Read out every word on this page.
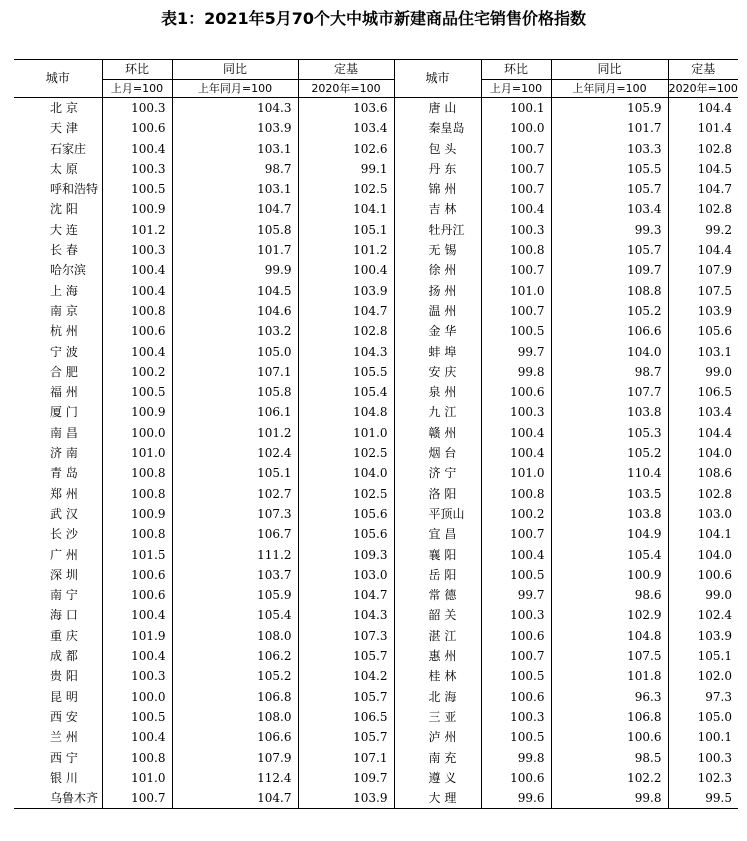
表1：2021年5月70个大中城市新建商品住宅销售价格指数
城市	环比	同比	定基	城市	环比	同比	定基
	上月=100	上年同月=100	2020年=100		上月=100	上年同月=100	2020年=100
北 京	100.3	104.3	103.6	唐 山	100.1	105.9	104.4
天 津	100.6	103.9	103.4	秦皇岛	100.0	101.7	101.4
石家庄	100.4	103.1	102.6	包 头	100.7	103.3	102.8
太 原	100.3	98.7	99.1	丹 东	100.7	105.5	104.5
呼和浩特	100.5	103.1	102.5	锦 州	100.7	105.7	104.7
沈 阳	100.9	104.7	104.1	吉 林	100.4	103.4	102.8
大 连	101.2	105.8	105.1	牡丹江	100.3	99.3	99.2
长 春	100.3	101.7	101.2	无 锡	100.8	105.7	104.4
哈尔滨	100.4	99.9	100.4	徐 州	100.7	109.7	107.9
上 海	100.4	104.5	103.9	扬 州	101.0	108.8	107.5
南 京	100.8	104.6	104.7	温 州	100.7	105.2	103.9
杭 州	100.6	103.2	102.8	金 华	100.5	106.6	105.6
宁 波	100.4	105.0	104.3	蚌 埠	99.7	104.0	103.1
合 肥	100.2	107.1	105.5	安 庆	99.8	98.7	99.0
福 州	100.5	105.8	105.4	泉 州	100.6	107.7	106.5
厦 门	100.9	106.1	104.8	九 江	100.3	103.8	103.4
南 昌	100.0	101.2	101.0	赣 州	100.4	105.3	104.4
济 南	101.0	102.4	102.5	烟 台	100.4	105.2	104.0
青 岛	100.8	105.1	104.0	济 宁	101.0	110.4	108.6
郑 州	100.8	102.7	102.5	洛 阳	100.8	103.5	102.8
武 汉	100.9	107.3	105.6	平顶山	100.2	103.8	103.0
长 沙	100.8	106.7	105.6	宜 昌	100.7	104.9	104.1
广 州	101.5	111.2	109.3	襄 阳	100.4	105.4	104.0
深 圳	100.6	103.7	103.0	岳 阳	100.5	100.9	100.6
南 宁	100.6	105.9	104.7	常 德	99.7	98.6	99.0
海 口	100.4	105.4	104.3	韶 关	100.3	102.9	102.4
重 庆	101.9	108.0	107.3	湛 江	100.6	104.8	103.9
成 都	100.4	106.2	105.7	惠 州	100.7	107.5	105.1
贵 阳	100.3	105.2	104.2	桂 林	100.5	101.8	102.0
昆 明	100.0	106.8	105.7	北 海	100.6	96.3	97.3
西 安	100.5	108.0	106.5	三 亚	100.3	106.8	105.0
兰 州	100.4	106.6	105.7	泸 州	100.5	100.6	100.1
西 宁	100.8	107.9	107.1	南 充	99.8	98.5	100.3
银 川	101.0	112.4	109.7	遵 义	100.6	102.2	102.3
乌鲁木齐	100.7	104.7	103.9	大 理	99.6	99.8	99.5
